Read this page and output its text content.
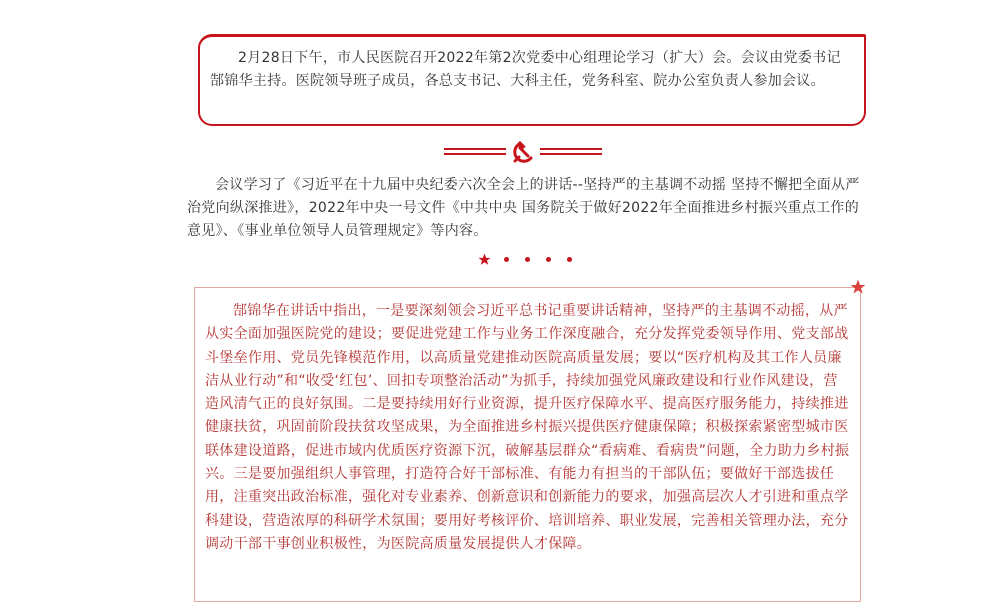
2月28日下午，市人民医院召开2022年第2次党委中心组理论学习（扩大）会。会议由党委书记郜锦华主持。医院领导班子成员，各总支书记、大科主任，党务科室、院办公室负责人参加会议。

会议学习了《习近平在十九届中央纪委六次全会上的讲话--坚持严的主基调不动摇 坚持不懈把全面从严治党向纵深推进》，2022年中央一号文件《中共中央 国务院关于做好2022年全面推进乡村振兴重点工作的意见》、《事业单位领导人员管理规定》等内容。

郜锦华在讲话中指出，一是要深刻领会习近平总书记重要讲话精神，坚持严的主基调不动摇，从严从实全面加强医院党的建设；要促进党建工作与业务工作深度融合，充分发挥党委领导作用、党支部战斗堡垒作用、党员先锋模范作用，以高质量党建推动医院高质量发展；要以“医疗机构及其工作人员廉洁从业行动”和“收受‘红包’、回扣专项整治活动”为抓手，持续加强党风廉政建设和行业作风建设，营造风清气正的良好氛围。二是要持续用好行业资源，提升医疗保障水平、提高医疗服务能力，持续推进健康扶贫，巩固前阶段扶贫攻坚成果，为全面推进乡村振兴提供医疗健康保障；积极探索紧密型城市医联体建设道路，促进市域内优质医疗资源下沉，破解基层群众“看病难、看病贵”问题，全力助力乡村振兴。三是要加强组织人事管理，打造符合好干部标准、有能力有担当的干部队伍；要做好干部选拔任用，注重突出政治标准，强化对专业素养、创新意识和创新能力的要求，加强高层次人才引进和重点学科建设，营造浓厚的科研学术氛围；要用好考核评价、培训培养、职业发展，完善相关管理办法，充分调动干部干事创业积极性，为医院高质量发展提供人才保障。
